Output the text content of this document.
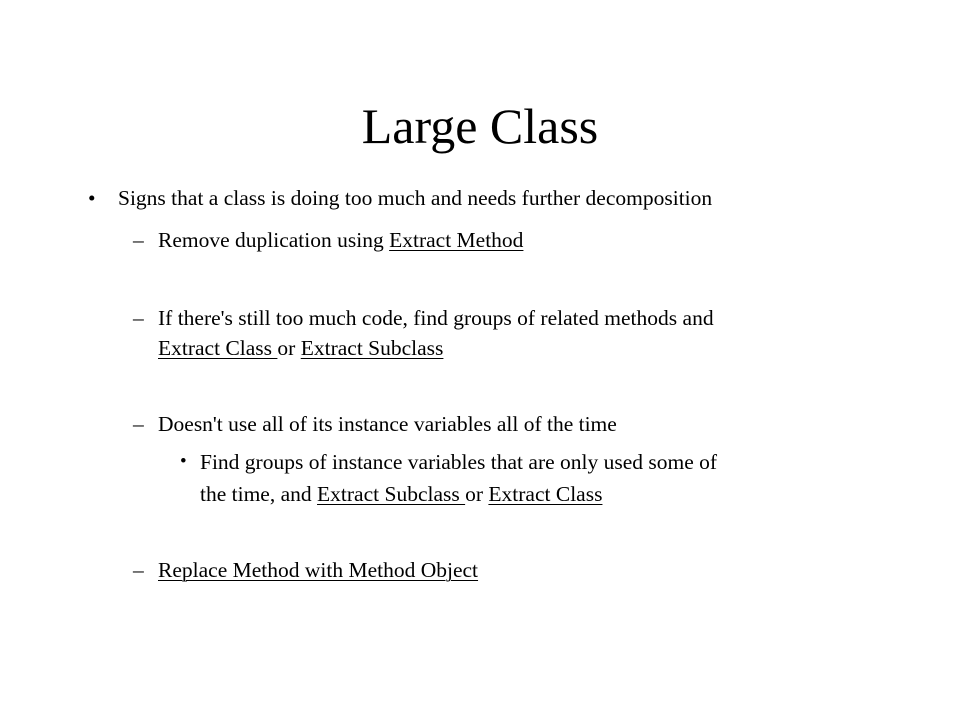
Large Class
• Signs that a class is doing too much and needs further decomposition
– Remove duplication using Extract Method
– If there's still too much code, find groups of related methods and
Extract Class or Extract Subclass
– Doesn't use all of its instance variables all of the time
• Find groups of instance variables that are only used some of
the time, and Extract Subclass or Extract Class
– Replace Method with Method Object
